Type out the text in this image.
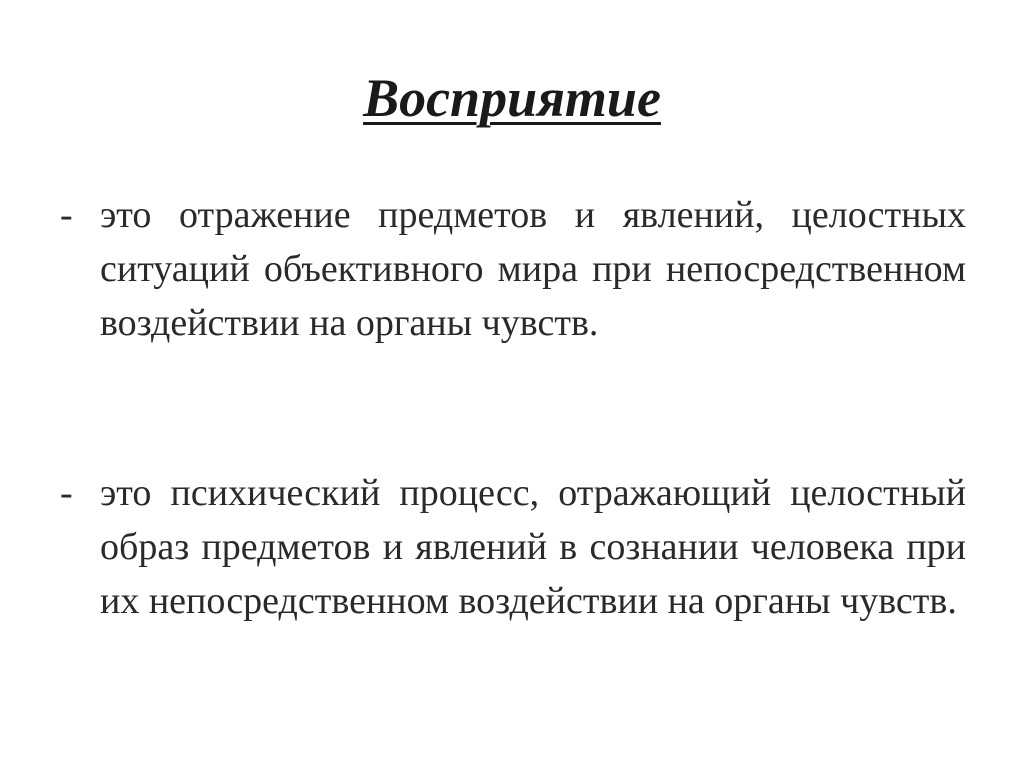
Восприятие
- это отражение предметов и явлений, целостных ситуаций объективного мира при непосредственном воздействии на органы чувств.
- это психический процесс, отражающий целостный образ предметов и явлений в сознании человека при их непосредственном воздействии на органы чувств.
